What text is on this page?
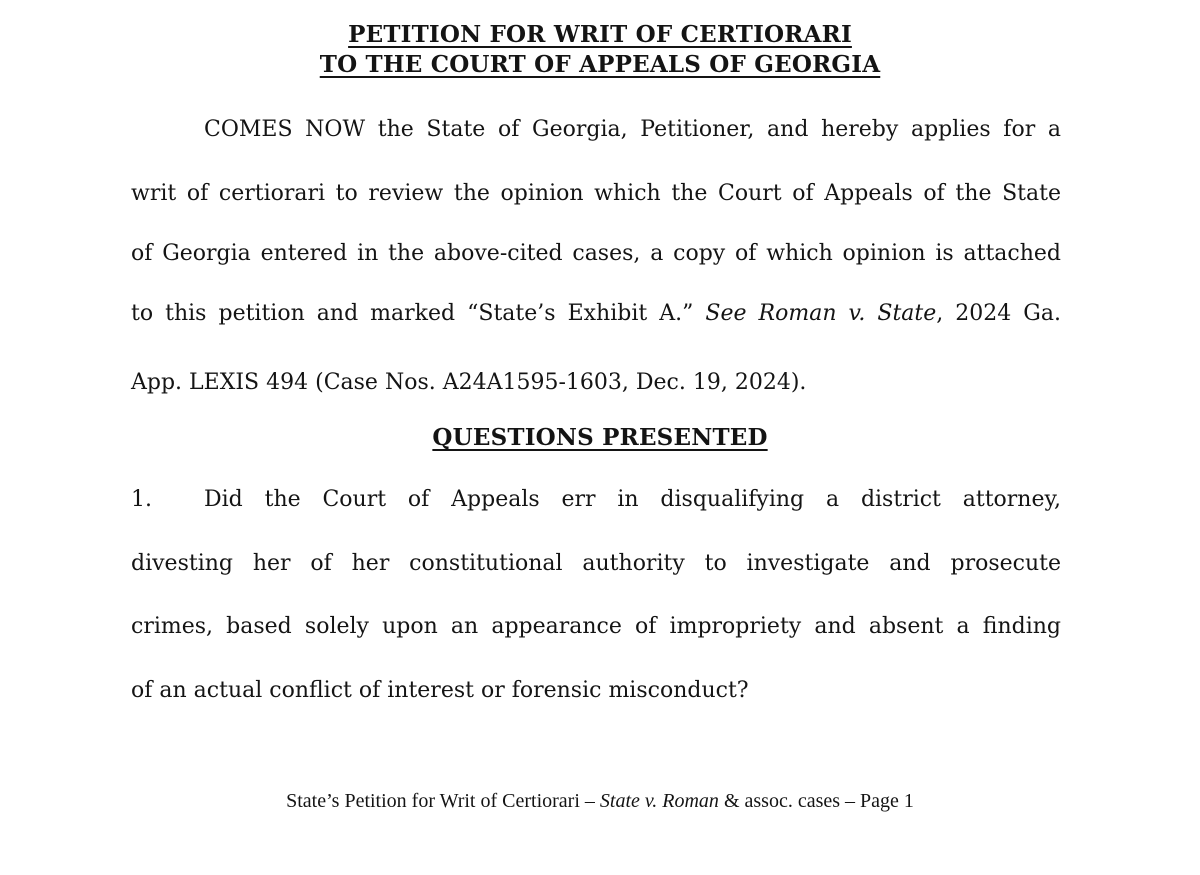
PETITION FOR WRIT OF CERTIORARI
TO THE COURT OF APPEALS OF GEORGIA
COMES NOW the State of Georgia, Petitioner, and hereby applies for a
writ of certiorari to review the opinion which the Court of Appeals of the State
of Georgia entered in the above-cited cases, a copy of which opinion is attached
to this petition and marked “State’s Exhibit A.” See Roman v. State, 2024 Ga.
App. LEXIS 494 (Case Nos. A24A1595-1603, Dec. 19, 2024).
QUESTIONS PRESENTED
1. Did the Court of Appeals err in disqualifying a district attorney,
divesting her of her constitutional authority to investigate and prosecute
crimes, based solely upon an appearance of impropriety and absent a finding
of an actual conflict of interest or forensic misconduct?
State’s Petition for Writ of Certiorari – State v. Roman & assoc. cases – Page 1
